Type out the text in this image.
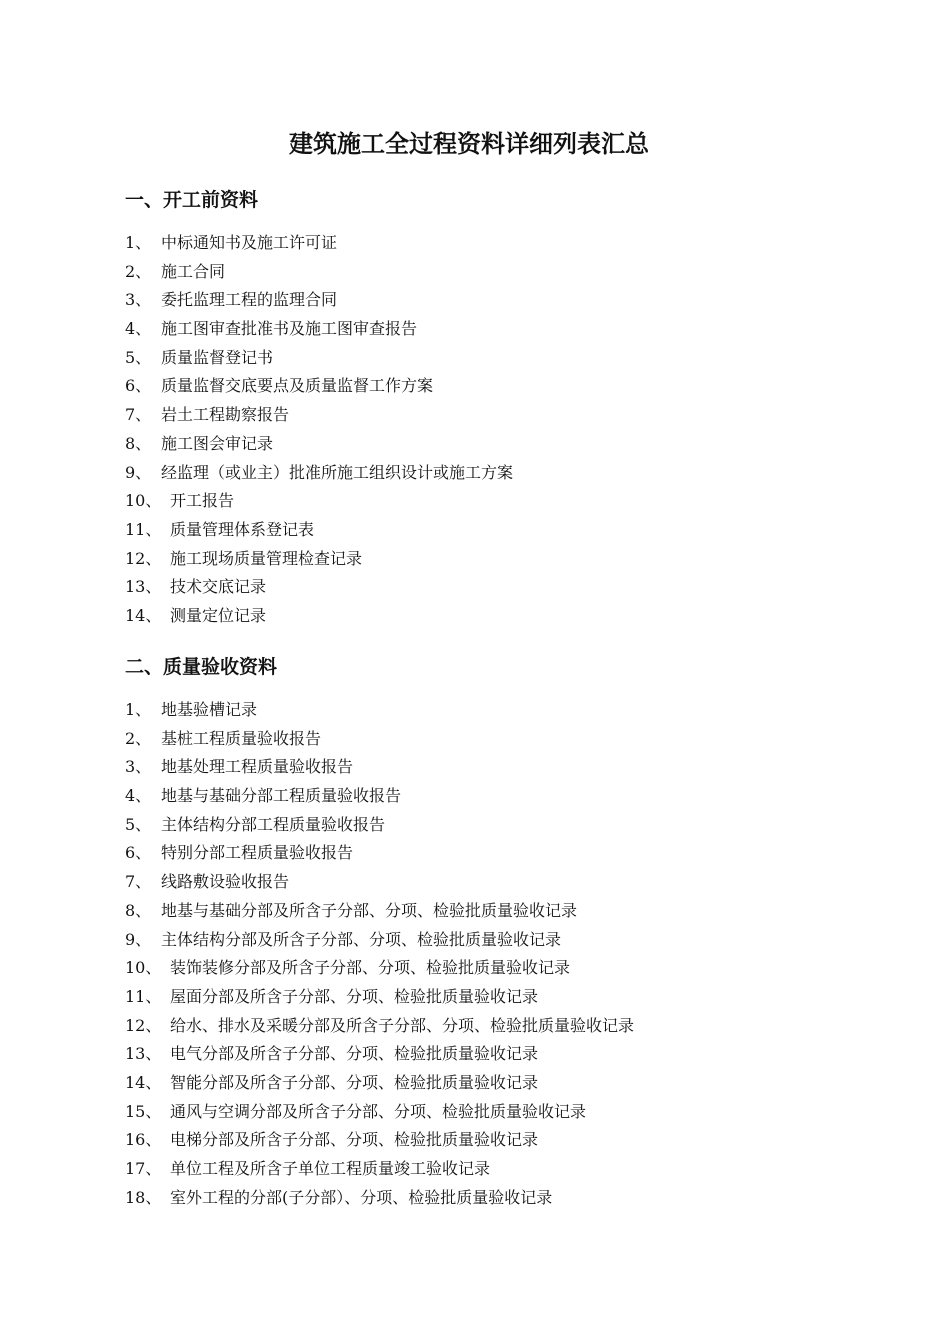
建筑施工全过程资料详细列表汇总
一、开工前资料
1、 中标通知书及施工许可证
2、 施工合同
3、 委托监理工程的监理合同
4、 施工图审查批准书及施工图审查报告
5、 质量监督登记书
6、 质量监督交底要点及质量监督工作方案
7、 岩土工程勘察报告
8、 施工图会审记录
9、 经监理（或业主）批准所施工组织设计或施工方案
10、 开工报告
11、 质量管理体系登记表
12、 施工现场质量管理检查记录
13、 技术交底记录
14、 测量定位记录
二、质量验收资料
1、 地基验槽记录
2、 基桩工程质量验收报告
3、 地基处理工程质量验收报告
4、 地基与基础分部工程质量验收报告
5、 主体结构分部工程质量验收报告
6、 特别分部工程质量验收报告
7、 线路敷设验收报告
8、 地基与基础分部及所含子分部、分项、检验批质量验收记录
9、 主体结构分部及所含子分部、分项、检验批质量验收记录
10、 装饰装修分部及所含子分部、分项、检验批质量验收记录
11、 屋面分部及所含子分部、分项、检验批质量验收记录
12、 给水、排水及采暖分部及所含子分部、分项、检验批质量验收记录
13、 电气分部及所含子分部、分项、检验批质量验收记录
14、 智能分部及所含子分部、分项、检验批质量验收记录
15、 通风与空调分部及所含子分部、分项、检验批质量验收记录
16、 电梯分部及所含子分部、分项、检验批质量验收记录
17、 单位工程及所含子单位工程质量竣工验收记录
18、 室外工程的分部(子分部）、分项、检验批质量验收记录
